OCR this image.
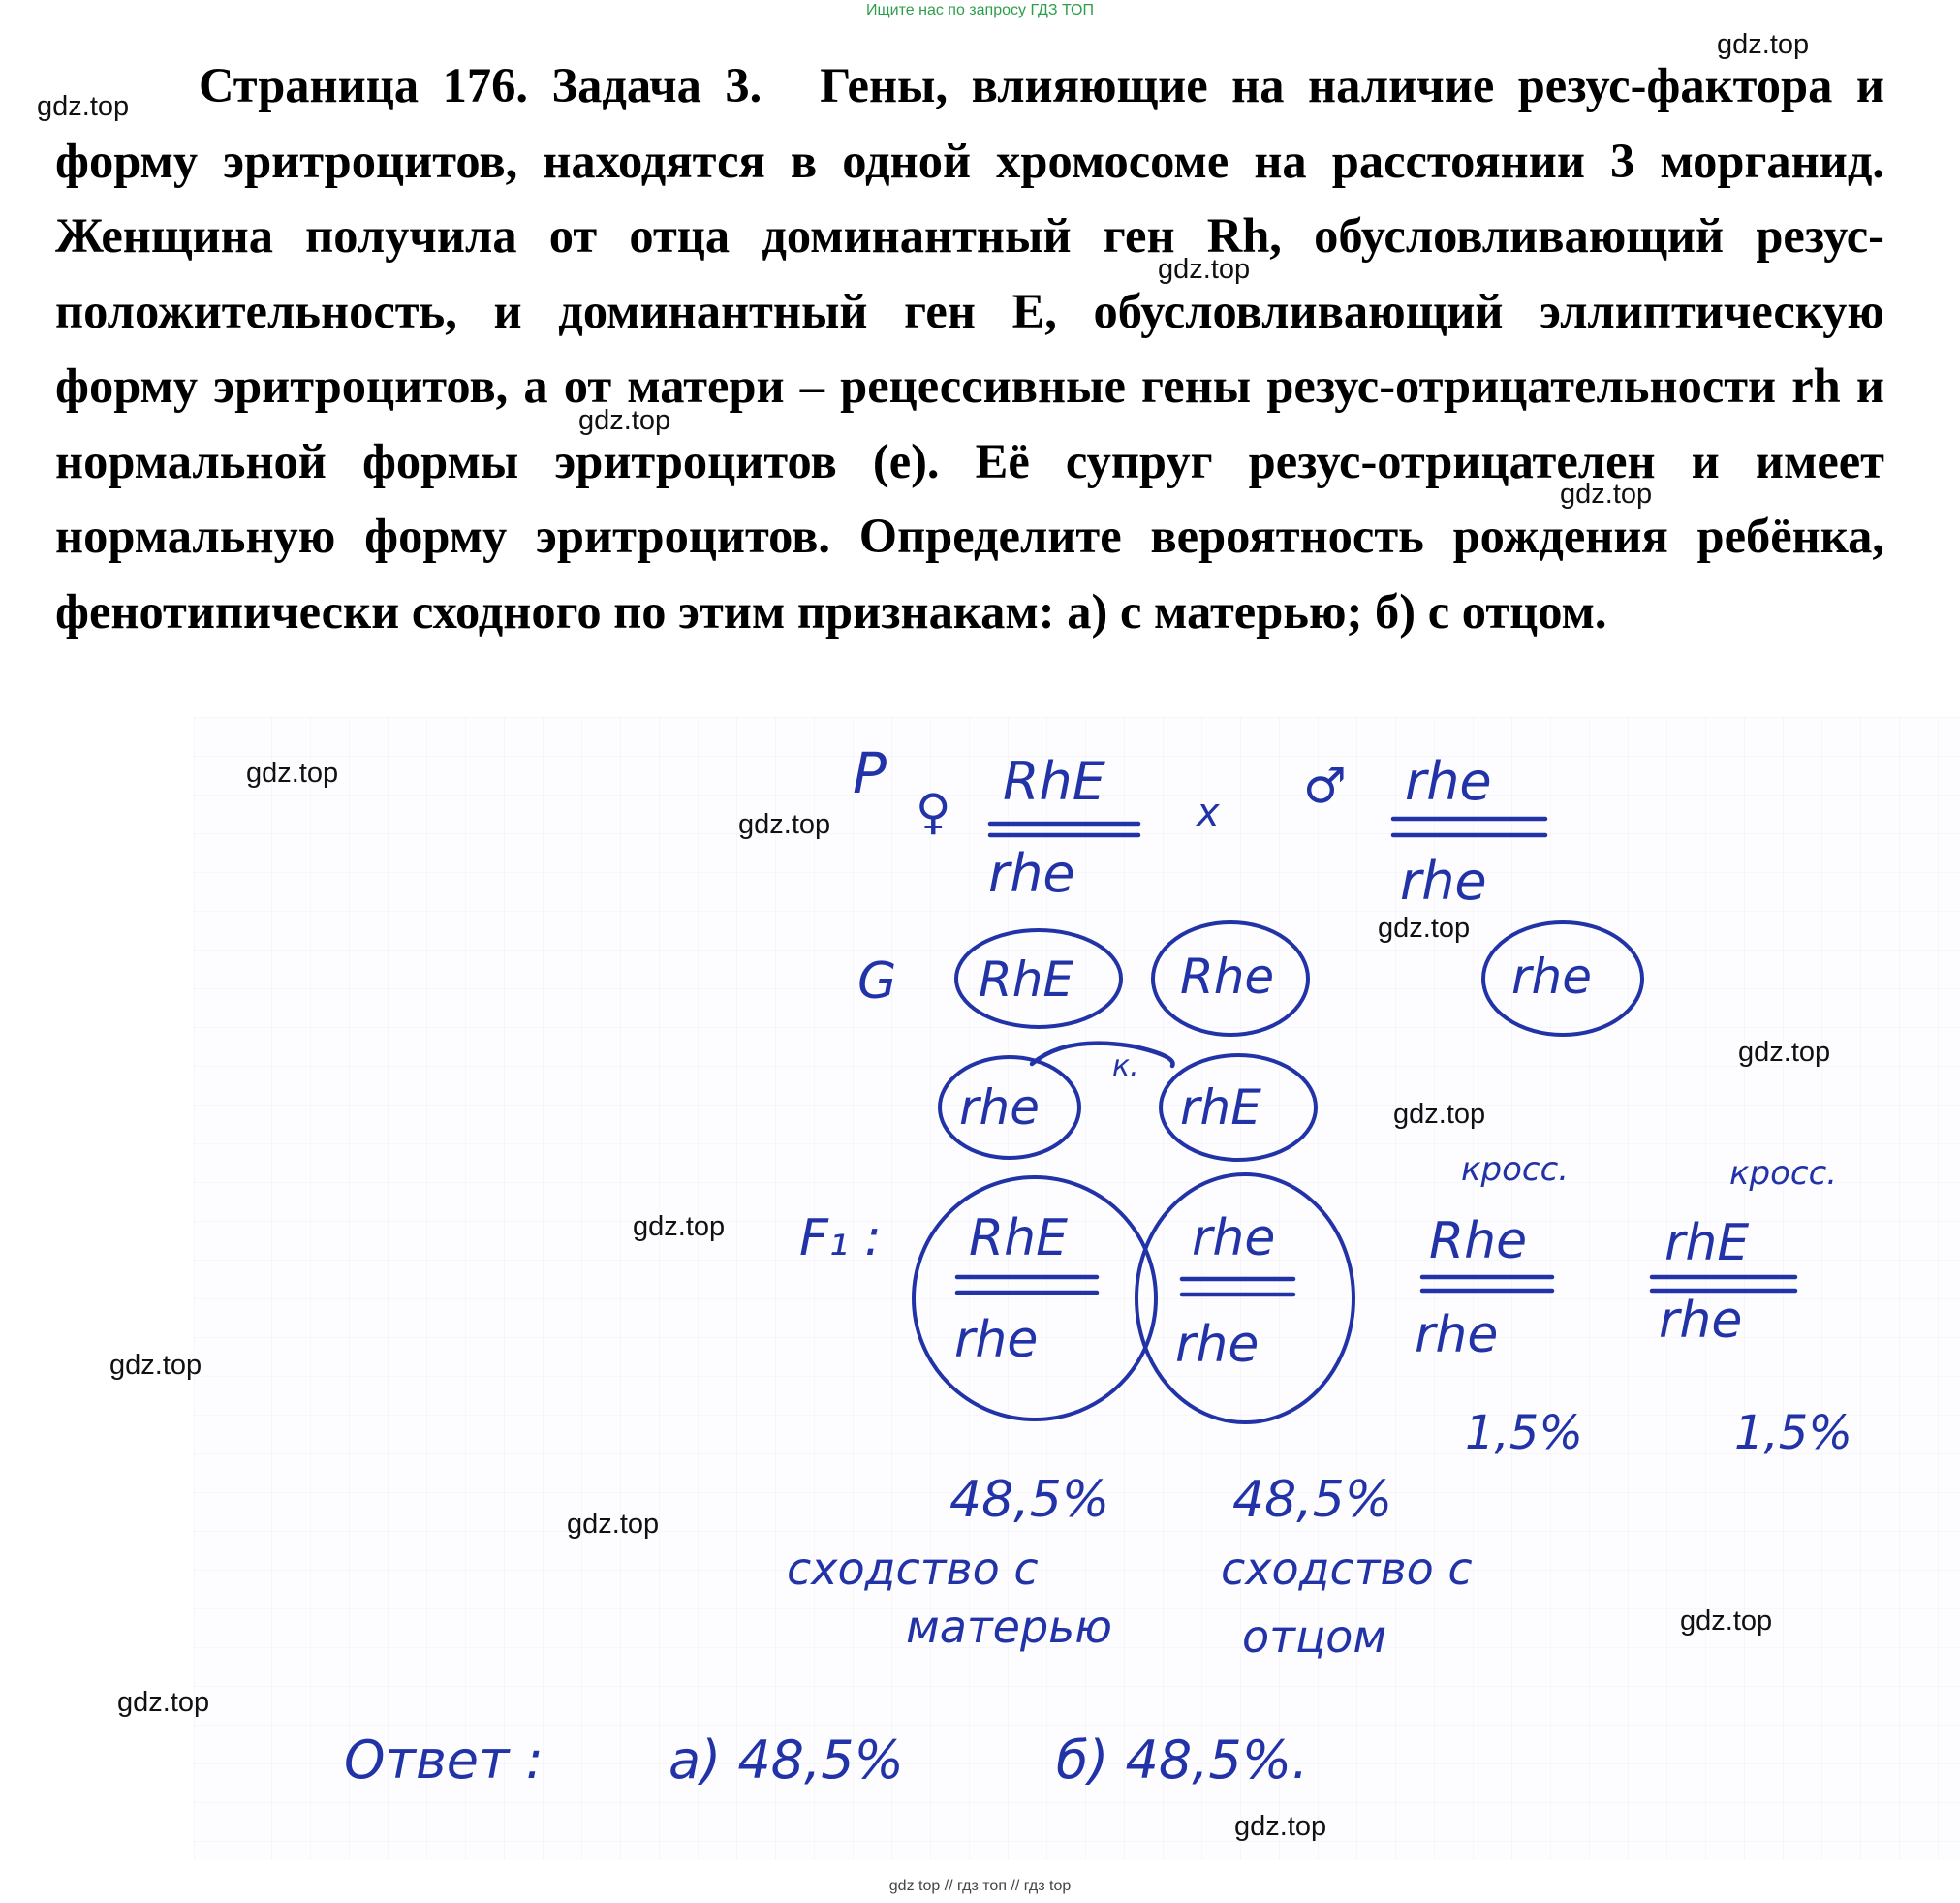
Ищите нас по запросу ГДЗ ТОП
Страница 176. Задача 3. Гены, влияющие на наличие резус-фактора и форму эритроцитов, находятся в одной хромосоме на расстоянии 3 морганид. Женщина получила от отца доминантный ген Rh, обусловливающий резус-положительность, и доминантный ген Е, обусловливающий эллиптическую форму эритроцитов, а от матери – рецессивные гены резус-отрицательности rh и нормальной формы эритроцитов (е). Её супруг резус-отрицателен и имеет нормальную форму эритроцитов. Определите вероятность рождения ребёнка, фенотипически сходного по этим признакам: а) с матерью; б) с отцом.
P
♀ RhE
rhe
x ♂ rhe
rhe
G RhE Rhe
rhe	rhE
к.
rhe
F₁ :
кросс.	кросс.
RhE
rhe
rhe
rhe
Rhe
rhe
rhE
rhe
1,5%	1,5%
48,5% 48,5%
сходство с
матерью
сходство с
отцом
Ответ : а) 48,5%	б) 48,5%.
gdz.top
gdz.top
gdz.top
gdz.top
gdz.top
gdz.top
gdz.top
gdz.top
gdz.top
gdz.top
gdz.top
gdz.top
gdz.top
gdz.top
gdz.top
gdz.top
gdz top // гдз топ // гдз top
